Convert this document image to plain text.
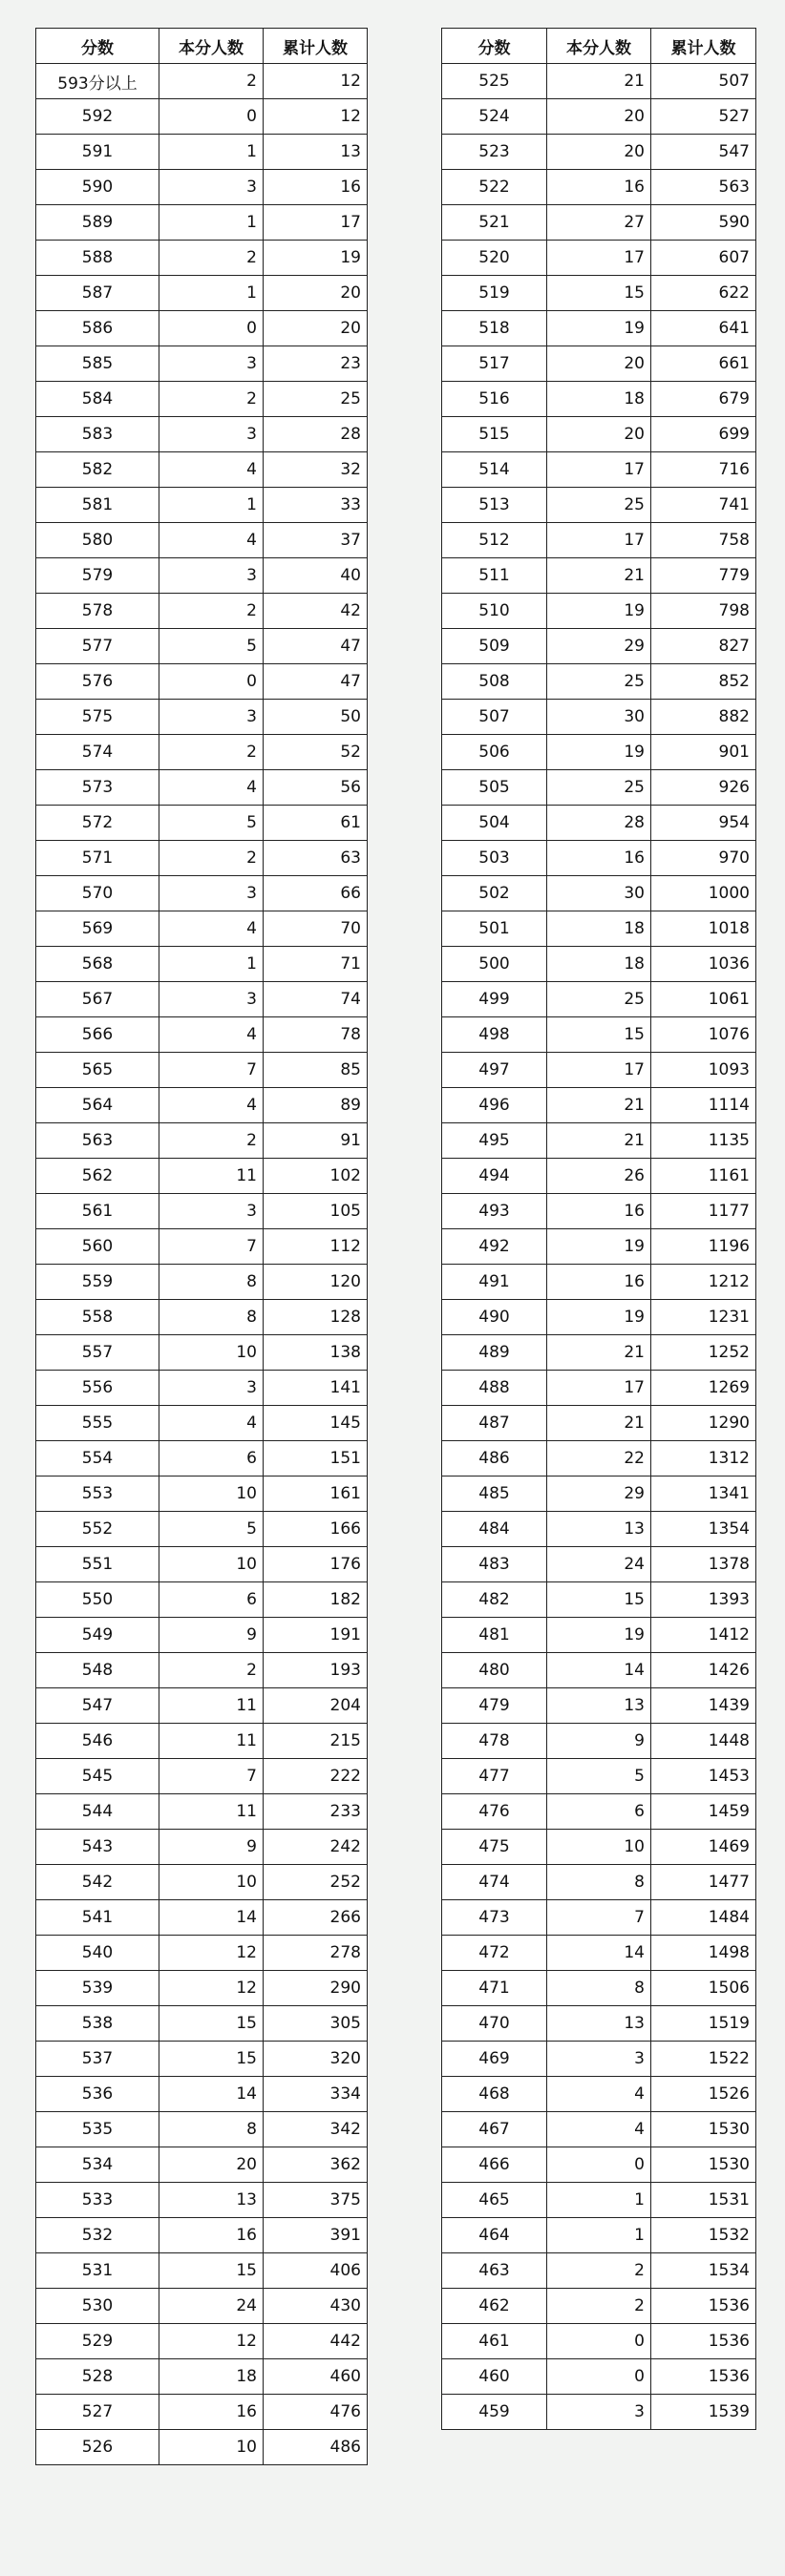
分数	本分人数	累计人数
593分以上	2	12
592	0	12
591	1	13
590	3	16
589	1	17
588	2	19
587	1	20
586	0	20
585	3	23
584	2	25
583	3	28
582	4	32
581	1	33
580	4	37
579	3	40
578	2	42
577	5	47
576	0	47
575	3	50
574	2	52
573	4	56
572	5	61
571	2	63
570	3	66
569	4	70
568	1	71
567	3	74
566	4	78
565	7	85
564	4	89
563	2	91
562	11	102
561	3	105
560	7	112
559	8	120
558	8	128
557	10	138
556	3	141
555	4	145
554	6	151
553	10	161
552	5	166
551	10	176
550	6	182
549	9	191
548	2	193
547	11	204
546	11	215
545	7	222
544	11	233
543	9	242
542	10	252
541	14	266
540	12	278
539	12	290
538	15	305
537	15	320
536	14	334
535	8	342
534	20	362
533	13	375
532	16	391
531	15	406
530	24	430
529	12	442
528	18	460
527	16	476
526	10	486
分数	本分人数	累计人数
525	21	507
524	20	527
523	20	547
522	16	563
521	27	590
520	17	607
519	15	622
518	19	641
517	20	661
516	18	679
515	20	699
514	17	716
513	25	741
512	17	758
511	21	779
510	19	798
509	29	827
508	25	852
507	30	882
506	19	901
505	25	926
504	28	954
503	16	970
502	30	1000
501	18	1018
500	18	1036
499	25	1061
498	15	1076
497	17	1093
496	21	1114
495	21	1135
494	26	1161
493	16	1177
492	19	1196
491	16	1212
490	19	1231
489	21	1252
488	17	1269
487	21	1290
486	22	1312
485	29	1341
484	13	1354
483	24	1378
482	15	1393
481	19	1412
480	14	1426
479	13	1439
478	9	1448
477	5	1453
476	6	1459
475	10	1469
474	8	1477
473	7	1484
472	14	1498
471	8	1506
470	13	1519
469	3	1522
468	4	1526
467	4	1530
466	0	1530
465	1	1531
464	1	1532
463	2	1534
462	2	1536
461	0	1536
460	0	1536
459	3	1539
